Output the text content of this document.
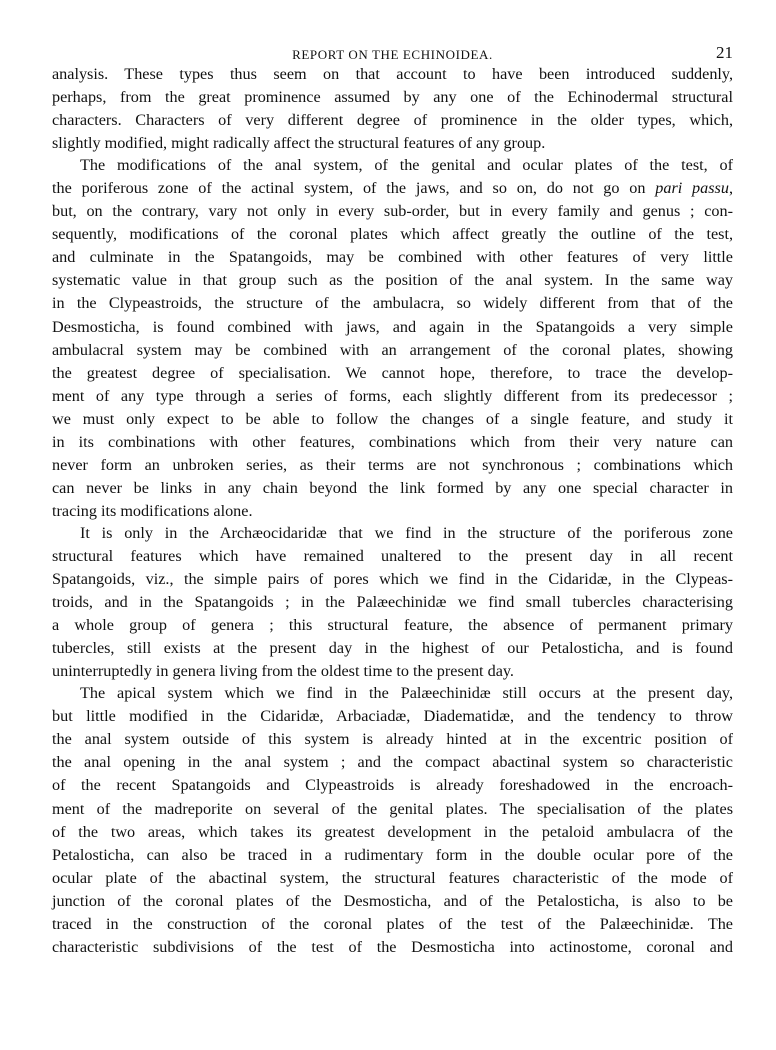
REPORT ON THE ECHINOIDEA.	21
analysis. These types thus seem on that account to have been introduced suddenly,
perhaps, from the great prominence assumed by any one of the Echinodermal structural
characters. Characters of very different degree of prominence in the older types, which,
slightly modified, might radically affect the structural features of any group.
The modifications of the anal system, of the genital and ocular plates of the test, of
the poriferous zone of the actinal system, of the jaws, and so on, do not go on pari passu,
but, on the contrary, vary not only in every sub-order, but in every family and genus ; con-
sequently, modifications of the coronal plates which affect greatly the outline of the test,
and culminate in the Spatangoids, may be combined with other features of very little
systematic value in that group such as the position of the anal system. In the same way
in the Clypeastroids, the structure of the ambulacra, so widely different from that of the
Desmosticha, is found combined with jaws, and again in the Spatangoids a very simple
ambulacral system may be combined with an arrangement of the coronal plates, showing
the greatest degree of specialisation. We cannot hope, therefore, to trace the develop-
ment of any type through a series of forms, each slightly different from its predecessor ;
we must only expect to be able to follow the changes of a single feature, and study it
in its combinations with other features, combinations which from their very nature can
never form an unbroken series, as their terms are not synchronous ; combinations which
can never be links in any chain beyond the link formed by any one special character in
tracing its modifications alone.
It is only in the Archæocidaridæ that we find in the structure of the poriferous zone
structural features which have remained unaltered to the present day in all recent
Spatangoids, viz., the simple pairs of pores which we find in the Cidaridæ, in the Clypeas-
troids, and in the Spatangoids ; in the Palæechinidæ we find small tubercles characterising
a whole group of genera ; this structural feature, the absence of permanent primary
tubercles, still exists at the present day in the highest of our Petalosticha, and is found
uninterruptedly in genera living from the oldest time to the present day.
The apical system which we find in the Palæechinidæ still occurs at the present day,
but little modified in the Cidaridæ, Arbaciadæ, Diadematidæ, and the tendency to throw
the anal system outside of this system is already hinted at in the excentric position of
the anal opening in the anal system ; and the compact abactinal system so characteristic
of the recent Spatangoids and Clypeastroids is already foreshadowed in the encroach-
ment of the madreporite on several of the genital plates. The specialisation of the plates
of the two areas, which takes its greatest development in the petaloid ambulacra of the
Petalosticha, can also be traced in a rudimentary form in the double ocular pore of the
ocular plate of the abactinal system, the structural features characteristic of the mode of
junction of the coronal plates of the Desmosticha, and of the Petalosticha, is also to be
traced in the construction of the coronal plates of the test of the Palæechinidæ. The
characteristic subdivisions of the test of the Desmosticha into actinostome, coronal and
